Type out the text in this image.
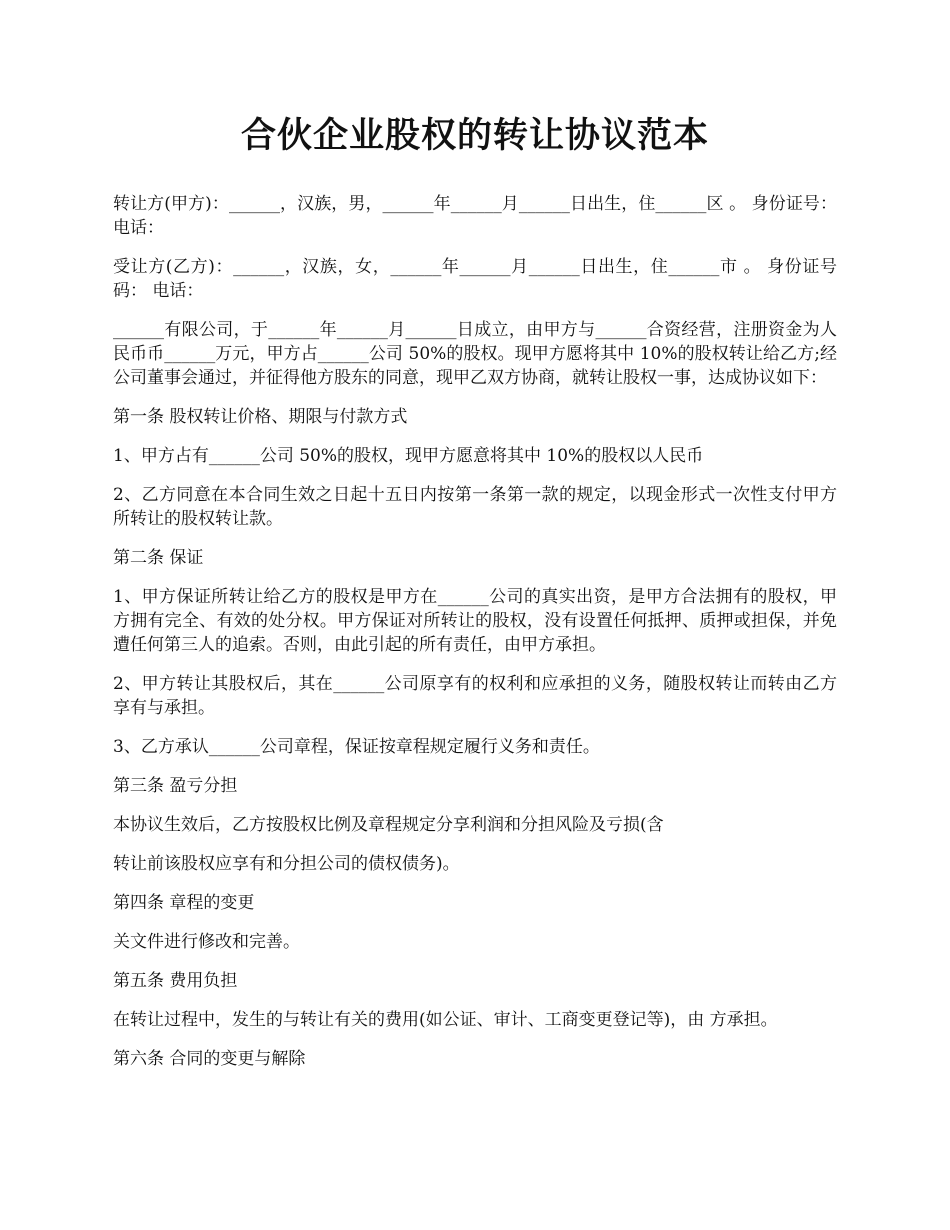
合伙企业股权的转让协议范本

转让方(甲方)：______，汉族，男，______年______月______日出生，住______区 。 身份证号： 电话：

受让方(乙方)：______，汉族，女，______年______月______日出生，住______市 。 身份证号码： 电话：

______有限公司，于______年______月______日成立，由甲方与______合资经营，注册资金为人民币币______万元，甲方占______公司 50%的股权。现甲方愿将其中 10%的股权转让给乙方;经公司董事会通过，并征得他方股东的同意，现甲乙双方协商，就转让股权一事，达成协议如下：

第一条 股权转让价格、期限与付款方式

1、甲方占有______公司 50%的股权，现甲方愿意将其中 10%的股权以人民币

2、乙方同意在本合同生效之日起十五日内按第一条第一款的规定，以现金形式一次性支付甲方所转让的股权转让款。

第二条 保证

1、甲方保证所转让给乙方的股权是甲方在______公司的真实出资，是甲方合法拥有的股权，甲方拥有完全、有效的处分权。甲方保证对所转让的股权，没有设置任何抵押、质押或担保，并免遭任何第三人的追索。否则，由此引起的所有责任，由甲方承担。

2、甲方转让其股权后，其在______公司原享有的权利和应承担的义务，随股权转让而转由乙方享有与承担。

3、乙方承认______公司章程，保证按章程规定履行义务和责任。

第三条 盈亏分担

本协议生效后，乙方按股权比例及章程规定分享利润和分担风险及亏损(含

转让前该股权应享有和分担公司的债权债务)。

第四条 章程的变更

关文件进行修改和完善。

第五条 费用负担

在转让过程中，发生的与转让有关的费用(如公证、审计、工商变更登记等)，由 方承担。

第六条 合同的变更与解除
